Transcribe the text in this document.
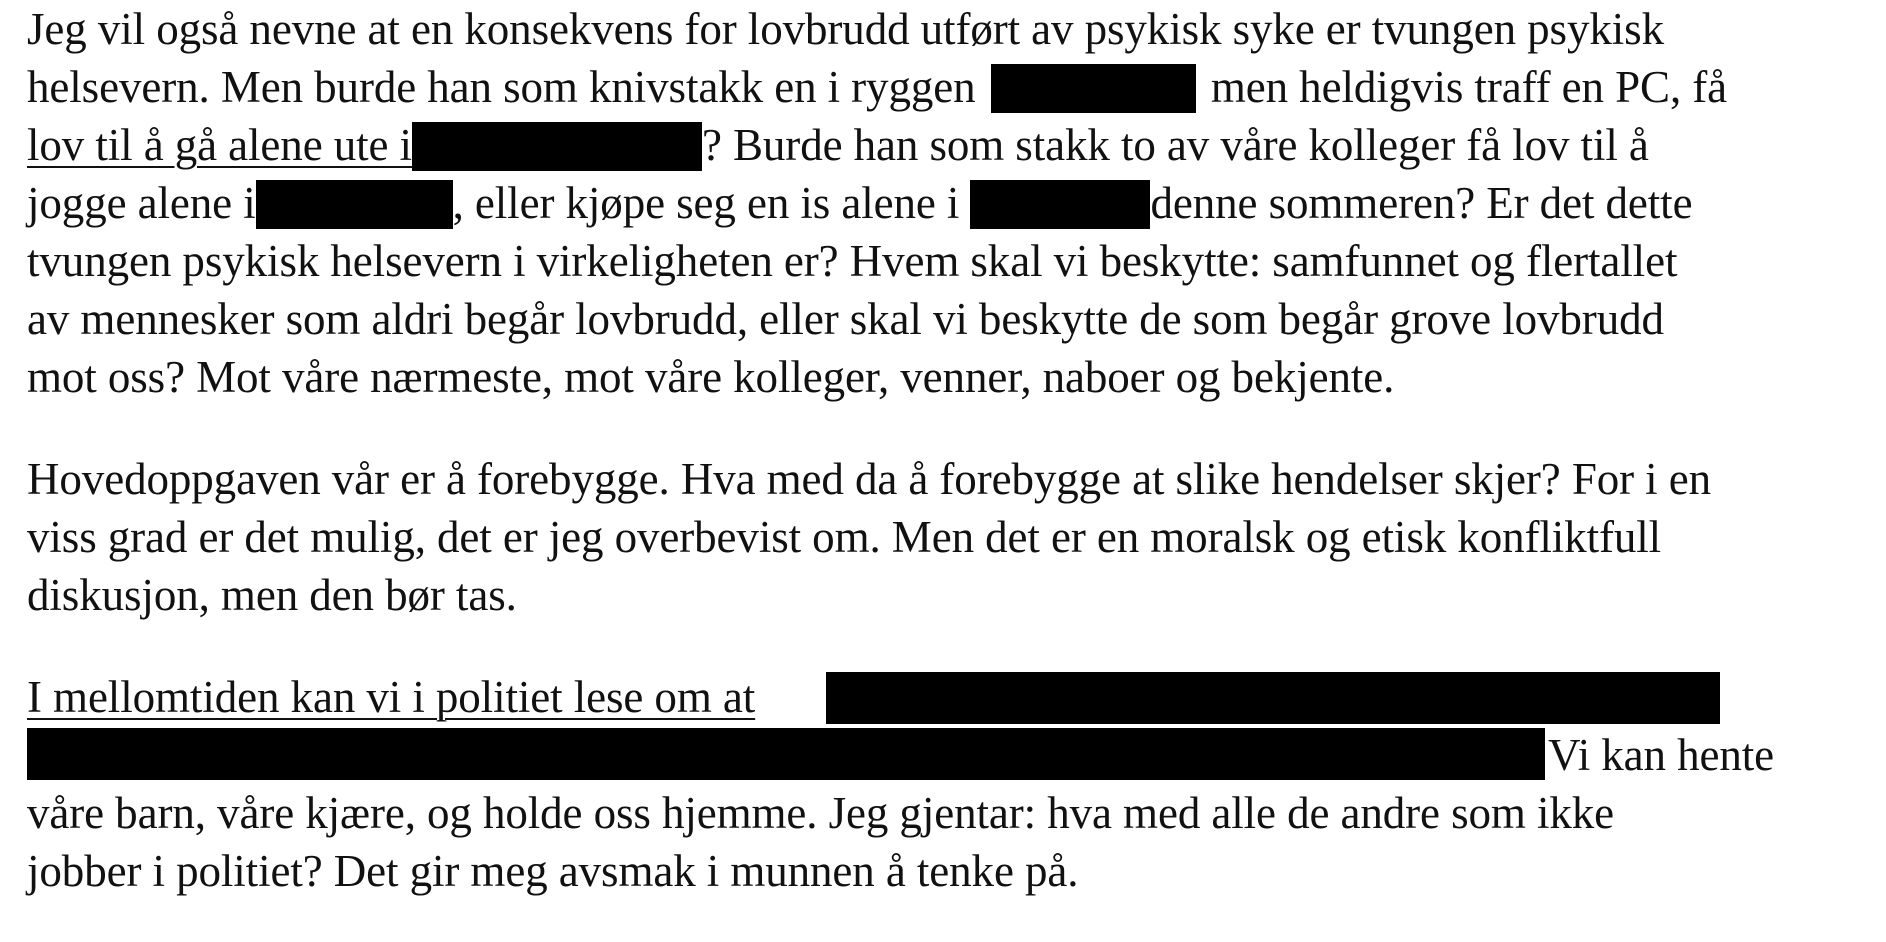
Jeg vil også nevne at en konsekvens for lovbrudd utført av psykisk syke er tvungen psykisk
helsevern. Men burde han som knivstakk en i ryggen	men heldigvis traff en PC, få
lov til å gå alene ute i	? Burde han som stakk to av våre kolleger få lov til å
jogge alene i	, eller kjøpe seg en is alene i	denne sommeren? Er det dette
tvungen psykisk helsevern i virkeligheten er? Hvem skal vi beskytte: samfunnet og flertallet
av mennesker som aldri begår lovbrudd, eller skal vi beskytte de som begår grove lovbrudd
mot oss? Mot våre nærmeste, mot våre kolleger, venner, naboer og bekjente.
Hovedoppgaven vår er å forebygge. Hva med da å forebygge at slike hendelser skjer? For i en
viss grad er det mulig, det er jeg overbevist om. Men det er en moralsk og etisk konfliktfull
diskusjon, men den bør tas.
I mellomtiden kan vi i politiet lese om at
Vi kan hente
våre barn, våre kjære, og holde oss hjemme. Jeg gjentar: hva med alle de andre som ikke
jobber i politiet? Det gir meg avsmak i munnen å tenke på.
